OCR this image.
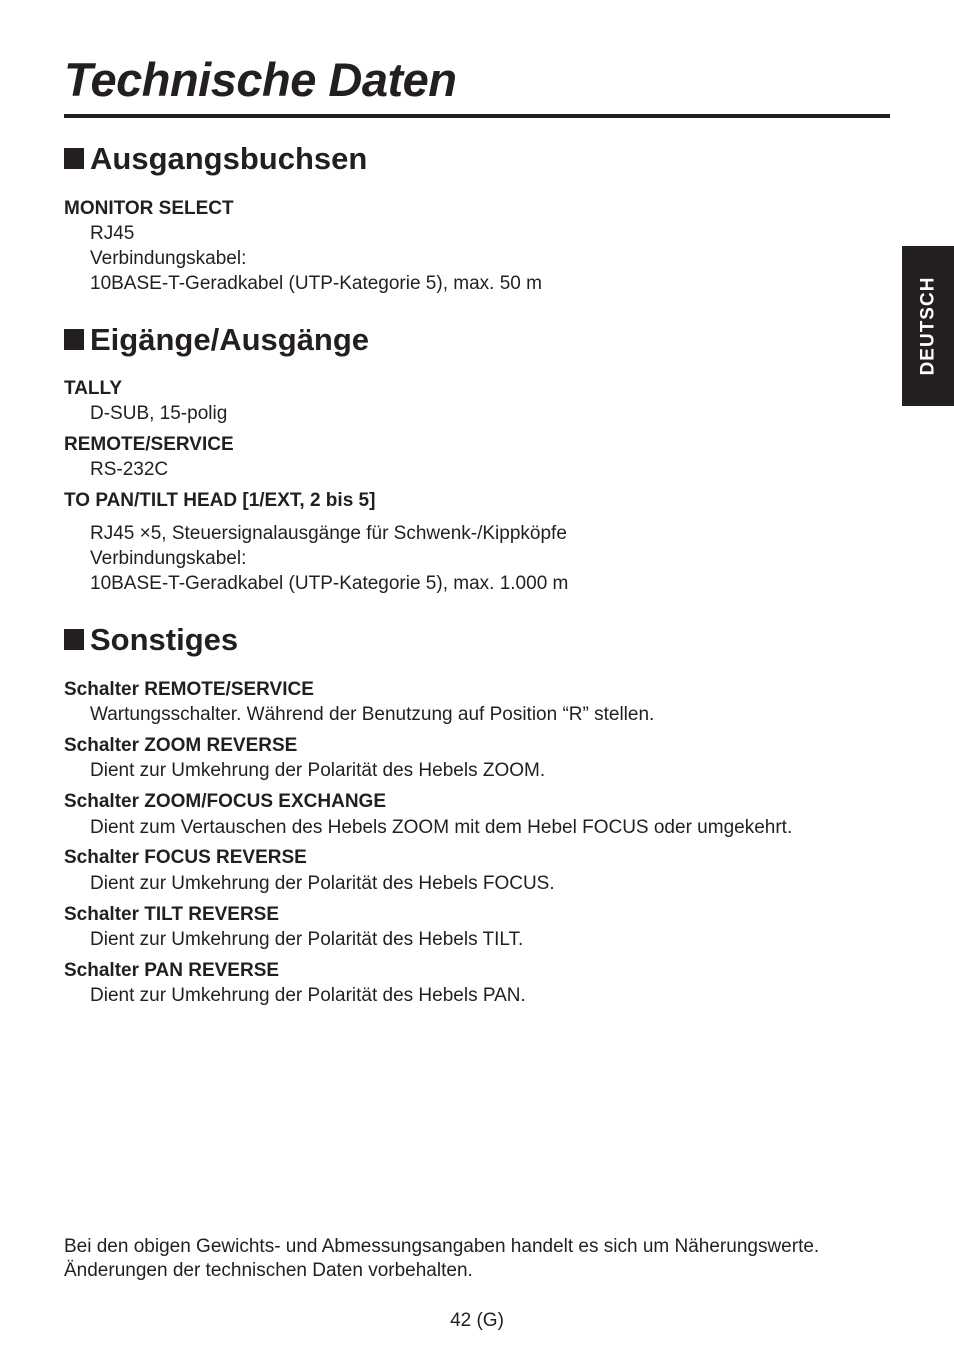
Technische Daten
DEUTSCH
Ausgangsbuchsen
MONITOR SELECT
RJ45
Verbindungskabel:
10BASE-T-Geradkabel (UTP-Kategorie 5), max. 50 m
Eigänge/Ausgänge
TALLY
D-SUB, 15-polig
REMOTE/SERVICE
RS-232C
TO PAN/TILT HEAD [1/EXT, 2 bis 5]
RJ45 ×5, Steuersignalausgänge für Schwenk-/Kippköpfe
Verbindungskabel:
10BASE-T-Geradkabel (UTP-Kategorie 5), max. 1.000 m
Sonstiges
Schalter REMOTE/SERVICE
Wartungsschalter. Während der Benutzung auf Position “R” stellen.
Schalter ZOOM REVERSE
Dient zur Umkehrung der Polarität des Hebels ZOOM.
Schalter ZOOM/FOCUS EXCHANGE
Dient zum Vertauschen des Hebels ZOOM mit dem Hebel FOCUS oder umgekehrt.
Schalter FOCUS REVERSE
Dient zur Umkehrung der Polarität des Hebels FOCUS.
Schalter TILT REVERSE
Dient zur Umkehrung der Polarität des Hebels TILT.
Schalter PAN REVERSE
Dient zur Umkehrung der Polarität des Hebels PAN.
Bei den obigen Gewichts- und Abmessungsangaben handelt es sich um Näherungswerte.
Änderungen der technischen Daten vorbehalten.
42 (G)
